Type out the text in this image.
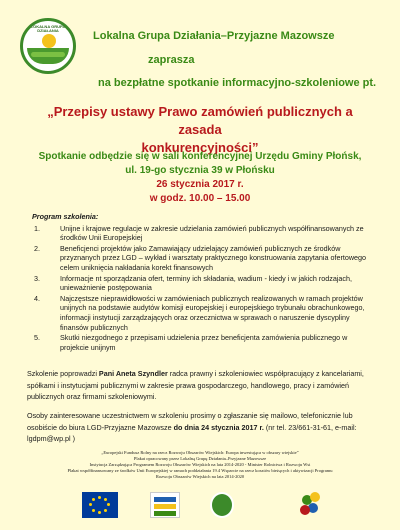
LOKALNA GRUPA DZIAŁANIA	Lokalna Grupa Działania–Przyjazne Mazowsze
zaprasza
na bezpłatne spotkanie informacyjno-szkoleniowe pt.
„Przepisy ustawy Prawo zamówień publicznych a zasada
konkurencyjności”
Spotkanie odbędzie się w sali konferencyjnej Urzędu Gminy Płońsk,
ul. 19-go stycznia 39 w Płońsku
26 stycznia 2017 r.
w godz. 10.00 – 15.00
Program szkolenia:
1.	Unijne i krajowe regulacje w zakresie udzielania zamówień publicznych współfinansowanych ze środków Unii Europejskiej
2.	Beneficjenci projektów jako Zamawiający udzielający zamówień publicznych ze środków przyznanych przez LGD – wykład i warsztaty praktycznego konstruowania zapytania ofertowego celem uniknięcia nakładania korekt finansowych
3.	Informacje nt sporządzania ofert, terminy ich składania, wadium - kiedy i w jakich rodzajach, unieważnienie postępowania
4.	Najczęstsze nieprawidłowości w zamówieniach publicznych realizowanych w ramach projektów unijnych na podstawie audytów komisji europejskiej i europejskiego trybunału obrachunkowego, informacji instytucji zarządzających oraz orzecznictwa w sprawach o naruszenie dyscypliny finansów publicznych
5.	Skutki niezgodnego z przepisami udzielenia przez beneficjenta zamówienia publicznego w projekcie unijnym
Szkolenie poprowadzi Pani Aneta Szyndler radca prawny i szkoleniowiec współpracujący z kancelariami, spółkami i instytucjami publicznymi w zakresie prawa gospodarczego, handlowego, pracy i zamówień publicznych oraz firmami szkoleniowymi.
Osoby zainteresowane uczestnictwem w szkoleniu prosimy o zgłaszanie się mailowo, telefonicznie lub osobiście do biura LGD-Przyjazne Mazowsze do dnia 24 stycznia 2017 r. (nr tel. 23/661-31-61, e-mail: lgdpm@wp.pl )
„Europejski Fundusz Rolny na rzecz Rozwoju Obszarów Wiejskich: Europa inwestująca w obszary wiejskie”
Plakat opracowany przez Lokalną Grupę Działania–Przyjazne Mazowsze
Instytucja Zarządzająca Programem Rozwoju Obszarów Wiejskich na lata 2014-2020 - Minister Rolnictwa i Rozwoju Wsi
Plakat współfinansowany ze środków Unii Europejskiej w ramach poddziałania 19.4 Wsparcie na rzecz kosztów bieżących i aktywizacji Programu
Rozwoju Obszarów Wiejskich na lata 2014-2020
